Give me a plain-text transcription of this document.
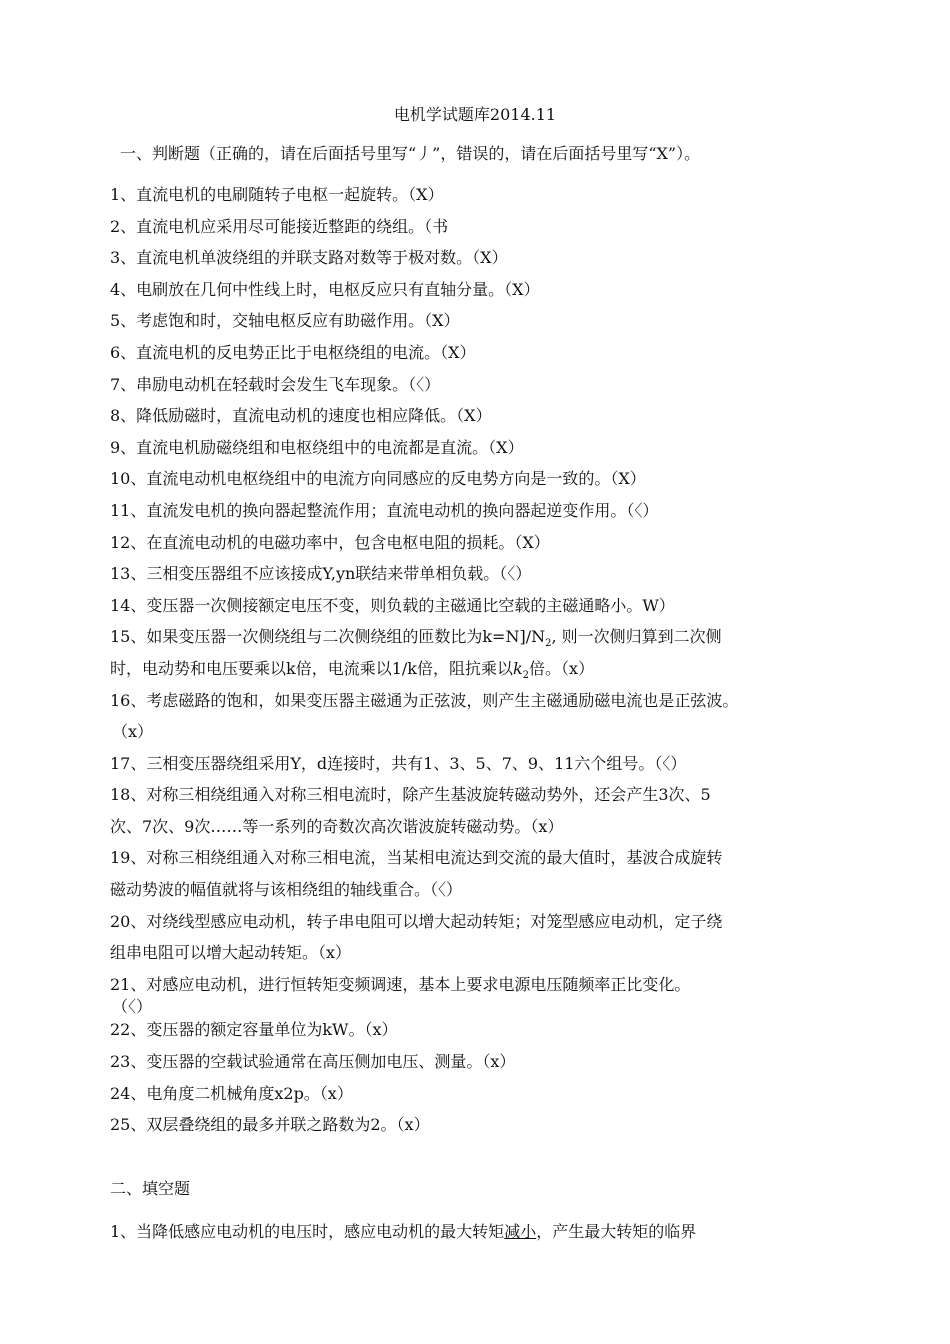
电机学试题库2014.11
一、判断题（正确的，请在后面括号里写“丿”，错误的，请在后面括号里写“X”）。
1、直流电机的电刷随转子电枢一起旋转。（X）
2、直流电机应采用尽可能接近整距的绕组。（书
3、直流电机单波绕组的并联支路对数等于极对数。（X）
4、电刷放在几何中性线上时，电枢反应只有直轴分量。（X）
5、考虑饱和时，交轴电枢反应有助磁作用。（X）
6、直流电机的反电势正比于电枢绕组的电流。（X）
7、串励电动机在轻载时会发生飞车现象。（〈）
8、降低励磁时，直流电动机的速度也相应降低。（X）
9、直流电机励磁绕组和电枢绕组中的电流都是直流。（X）
10、直流电动机电枢绕组中的电流方向同感应的反电势方向是一致的。（X）
11、直流发电机的换向器起整流作用；直流电动机的换向器起逆变作用。（〈）
12、在直流电动机的电磁功率中，包含电枢电阻的损耗。（X）
13、三相变压器组不应该接成Y,yn联结来带单相负载。（〈）
14、变压器一次侧接额定电压不变，则负载的主磁通比空载的主磁通略小。W）
15、如果变压器一次侧绕组与二次侧绕组的匝数比为$k=N]/N_2$, 则一次侧归算到二次侧
时，电动势和电压要乘以k倍，电流乘以1/k倍，阻抗乘以$k_2$倍。（x）
16、考虑磁路的饱和，如果变压器主磁通为正弦波，则产生主磁通励磁电流也是正弦波。
（x）
17、三相变压器绕组采用Y，d连接时，共有1、3、5、7、9、11六个组号。（〈）
18、对称三相绕组通入对称三相电流时，除产生基波旋转磁动势外，还会产生3次、5
次、7次、9次……等一系列的奇数次高次谐波旋转磁动势。（x）
19、对称三相绕组通入对称三相电流，当某相电流达到交流的最大值时，基波合成旋转
磁动势波的幅值就将与该相绕组的轴线重合。（〈）
20、对绕线型感应电动机，转子串电阻可以增大起动转矩；对笼型感应电动机，定子绕
组串电阻可以增大起动转矩。（x）
21、对感应电动机，进行恒转矩变频调速，基本上要求电源电压随频率正比变化。
（〈）
22、变压器的额定容量单位为kW。（x）
23、变压器的空载试验通常在高压侧加电压、测量。（x）
24、电角度二机械角度x2p。（x）
25、双层叠绕组的最多并联之路数为2。（x）
二、填空题
1、当降低感应电动机的电压时，感应电动机的最大转矩减小，产生最大转矩的临界
